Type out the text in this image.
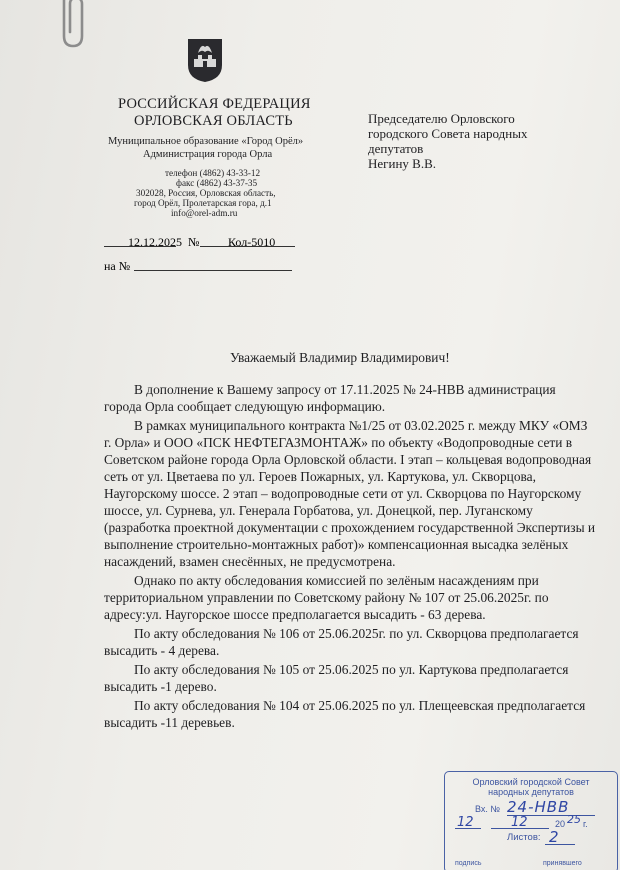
РОССИЙСКАЯ ФЕДЕРАЦИЯ
ОРЛОВСКАЯ ОБЛАСТЬ
Муниципальное образование «Город Орёл»
Администрация города Орла
телефон (4862) 43-33-12
факс (4862) 43-37-35
302028, Россия, Орловская область,
город Орёл, Пролетарская гора, д.1
info@orel-adm.ru
12.12.2025 № Кол-5010
на №
Председателю Орловского
городского Совета народных
депутатов
Негину В.В.
Уважаемый Владимир Владимирович!
В дополнение к Вашему запросу от 17.11.2025 № 24-НВВ администрация
города Орла сообщает следующую информацию.
В рамках муниципального контракта №1/25 от 03.02.2025 г. между МКУ «ОМЗ
г. Орла» и ООО «ПСК НЕФТЕГАЗМОНТАЖ» по объекту «Водопроводные сети в
Советском районе города Орла Орловской области. I этап – кольцевая водопроводная
сеть от ул. Цветаева по ул. Героев Пожарных, ул. Картукова, ул. Скворцова,
Наугорскому шоссе. 2 этап – водопроводные сети от ул. Скворцова по Наугорскому
шоссе, ул. Сурнева, ул. Генерала Горбатова, ул. Донецкой, пер. Луганскому
(разработка проектной документации с прохождением государственной Экспертизы и
выполнение строительно-монтажных работ)» компенсационная высадка зелёных
насаждений, взамен снесённых, не предусмотрена.
Однако по акту обследования комиссией по зелёным насаждениям при
территориальном управлении по Советскому району № 107 от 25.06.2025г. по
адресу:ул. Наугорское шоссе предполагается высадить - 63 дерева.
По акту обследования № 106 от 25.06.2025г. по ул. Скворцова предполагается
высадить - 4 дерева.
По акту обследования № 105 от 25.06.2025 по ул. Картукова предполагается
высадить -1 дерево.
По акту обследования № 104 от 25.06.2025 по ул. Плещеевская предполагается
высадить -11 деревьев.
Орловский городской Совет
народных депутатов
Вх. № 24-НВВ
12	12	20 25 г.
Листов: 2
подпись	принявшего
